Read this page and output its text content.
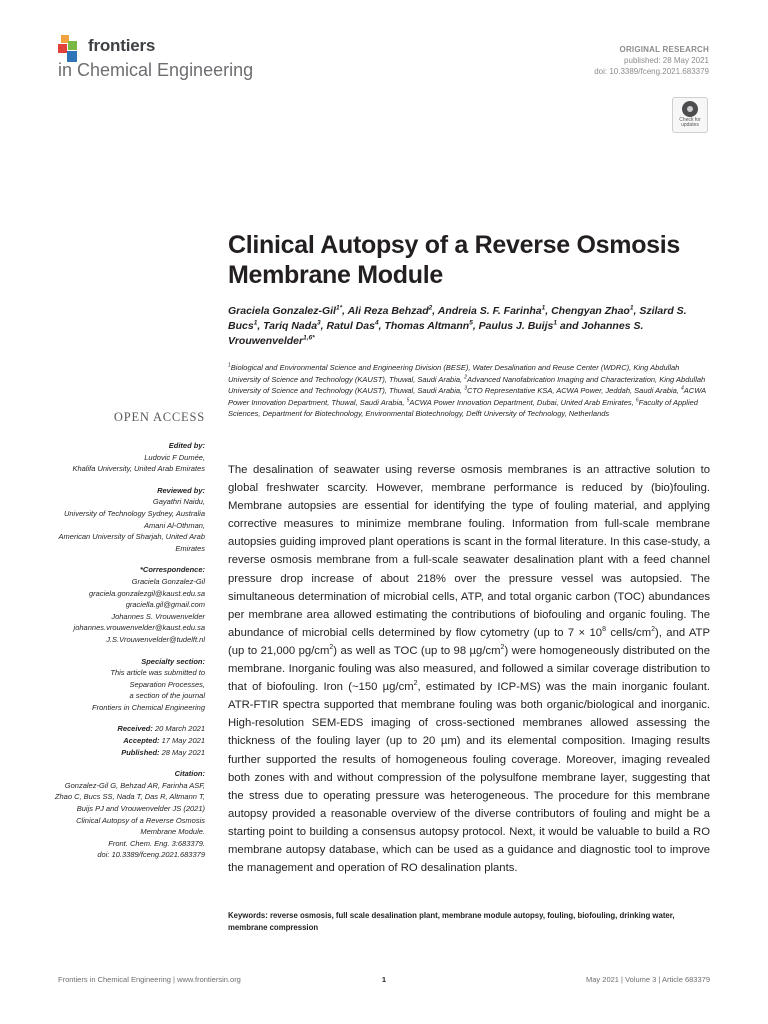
frontiers
in Chemical Engineering
ORIGINAL RESEARCH
published: 28 May 2021
doi: 10.3389/fceng.2021.683379
Check for updates
Clinical Autopsy of a Reverse Osmosis Membrane Module
Graciela Gonzalez-Gil$^{1*}$, Ali Reza Behzad$^2$, Andreia S. F. Farinha$^1$, Chengyan Zhao$^1$, Szilard S. Bucs$^1$, Tariq Nada$^3$, Ratul Das$^4$, Thomas Altmann$^5$, Paulus J. Buijs$^1$ and Johannes S. Vrouwenvelder$^{1,6*}$
$^1$Biological and Environmental Science and Engineering Division (BESE), Water Desalination and Reuse Center (WDRC), King Abdullah University of Science and Technology (KAUST), Thuwal, Saudi Arabia, $^2$Advanced Nanofabrication Imaging and Characterization, King Abdullah University of Science and Technology (KAUST), Thuwal, Saudi Arabia, $^3$CTO Representative KSA, ACWA Power, Jeddah, Saudi Arabia, $^4$ACWA Power Innovation Department, Thuwal, Saudi Arabia, $^5$ACWA Power Innovation Department, Dubai, United Arab Emirates, $^6$Faculty of Applied Sciences, Department for Biotechnology, Environmental Biotechnology, Delft University of Technology, Netherlands
OPEN ACCESS
Edited by:
Ludovic F Dumée,
Khalifa University, United Arab Emirates
Reviewed by:
Gayathri Naidu,
University of Technology Sydney, Australia
Amani Al-Othman,
American University of Sharjah, United Arab Emirates
*Correspondence:
Graciela Gonzalez-Gil
graciela.gonzalezgil@kaust.edu.sa
graciella.gil@gmail.com
Johannes S. Vrouwenvelder
johannes.vrouwenvelder@kaust.edu.sa
J.S.Vrouwenvelder@tudelft.nl
Specialty section:
This article was submitted to
Separation Processes,
a section of the journal
Frontiers in Chemical Engineering
Received: 20 March 2021
Accepted: 17 May 2021
Published: 28 May 2021
Citation:
Gonzalez-Gil G, Behzad AR, Farinha ASF, Zhao C, Bucs SS, Nada T, Das R, Altmann T, Buijs PJ and Vrouwenvelder JS (2021) Clinical Autopsy of a Reverse Osmosis Membrane Module.
Front. Chem. Eng. 3:683379.
doi: 10.3389/fceng.2021.683379
The desalination of seawater using reverse osmosis membranes is an attractive solution to global freshwater scarcity. However, membrane performance is reduced by (bio)fouling. Membrane autopsies are essential for identifying the type of fouling material, and applying corrective measures to minimize membrane fouling. Information from full-scale membrane autopsies guiding improved plant operations is scant in the formal literature. In this case-study, a reverse osmosis membrane from a full-scale seawater desalination plant with a feed channel pressure drop increase of about 218% over the pressure vessel was autopsied. The simultaneous determination of microbial cells, ATP, and total organic carbon (TOC) abundances per membrane area allowed estimating the contributions of biofouling and organic fouling. The abundance of microbial cells determined by flow cytometry (up to $7 \times 10^8$ cells/$cm^2$), and ATP (up to 21,000 $pg/cm^2$) as well as TOC (up to 98 $\mu g/cm^2$) were homogeneously distributed on the membrane. Inorganic fouling was also measured, and followed a similar coverage distribution to that of biofouling. Iron (~150 $\mu g/cm^2$, estimated by ICP-MS) was the main inorganic foulant. ATR-FTIR spectra supported that membrane fouling was both organic/biological and inorganic. High-resolution SEM-EDS imaging of cross-sectioned membranes allowed assessing the thickness of the fouling layer (up to 20 µm) and its elemental composition. Imaging results further supported the results of homogeneous fouling coverage. Moreover, imaging revealed both zones with and without compression of the polysulfone membrane layer, suggesting that the stress due to operating pressure was heterogeneous. The procedure for this membrane autopsy provided a reasonable overview of the diverse contributors of fouling and might be a starting point to building a consensus autopsy protocol. Next, it would be valuable to build a RO membrane autopsy database, which can be used as a guidance and diagnostic tool to improve the management and operation of RO desalination plants.
Keywords: reverse osmosis, full scale desalination plant, membrane module autopsy, fouling, biofouling, drinking water, membrane compression
Frontiers in Chemical Engineering | www.frontiersin.org	1	May 2021 | Volume 3 | Article 683379
